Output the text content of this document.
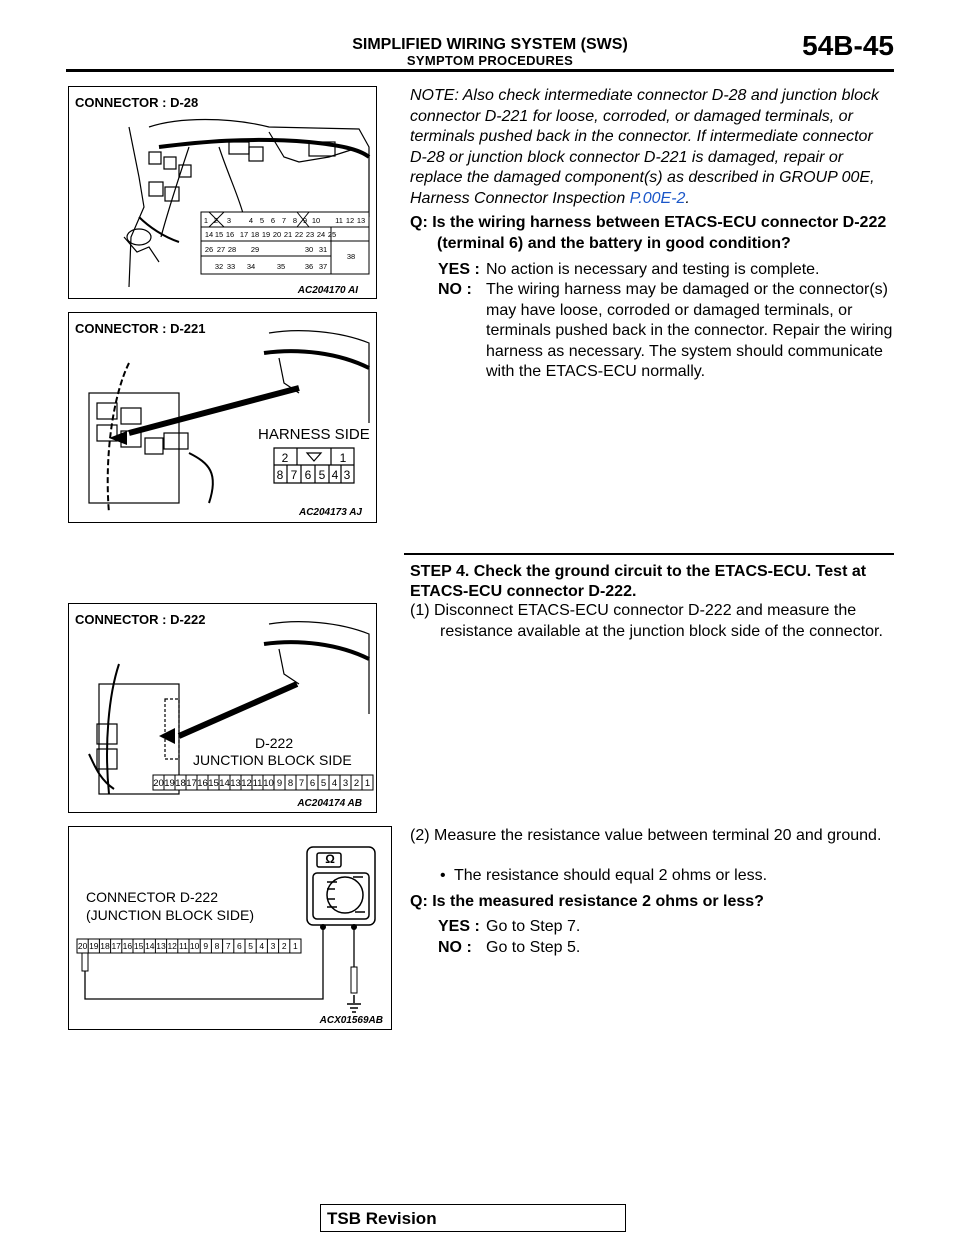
SIMPLIFIED WIRING SYSTEM (SWS)
SYMPTOM PROCEDURES	54B-45
1 2 3 4 5 6 7 8 9 10 11 12 13
14 15 16 17 18 19 20 21 22 23 24 25
26 27 28 29	30 31
38
32 33 34	35	36 37
CONNECTOR : D-28
AC204170 AI
2	1
8 7 6 5 4 3
CONNECTOR : D-221
HARNESS SIDE
AC204173 AJ
20 19 18 17 16 15 14 13 12 11 10 9 8 7 6 5 4 3 2 1
CONNECTOR : D-222
D-222
JUNCTION BLOCK SIDE
AC204174 AB
20 19 18 17 16 15 14 13 12 11 10 9 8 7 6 5 4 3 2 1
Ω
CONNECTOR D-222
(JUNCTION BLOCK SIDE)
ACX01569AB
NOTE: Also check intermediate connector D-28 and junction block connector D-221 for loose, corroded, or damaged terminals, or terminals pushed back in the connector. If intermediate connector D-28 or junction block connector D-221 is damaged, repair or replace the damaged component(s) as described in GROUP 00E, Harness Connector Inspection P.00E-2.
Q: Is the wiring harness between ETACS-ECU connector D-222 (terminal 6) and the battery in good condition?
YES : No action is necessary and testing is complete.
NO : The wiring harness may be damaged or the connector(s) may have loose, corroded or damaged terminals, or terminals pushed back in the connector. Repair the wiring harness as necessary. The system should communicate with the ETACS-ECU normally.
STEP 4. Check the ground circuit to the ETACS-ECU. Test at ETACS-ECU connector D-222.
(1) Disconnect ETACS-ECU connector D-222 and measure the resistance available at the junction block side of the connector.
(2) Measure the resistance value between terminal 20 and ground.
• The resistance should equal 2 ohms or less.
Q: Is the measured resistance 2 ohms or less?
YES : Go to Step 7.
NO : Go to Step 5.
TSB Revision
